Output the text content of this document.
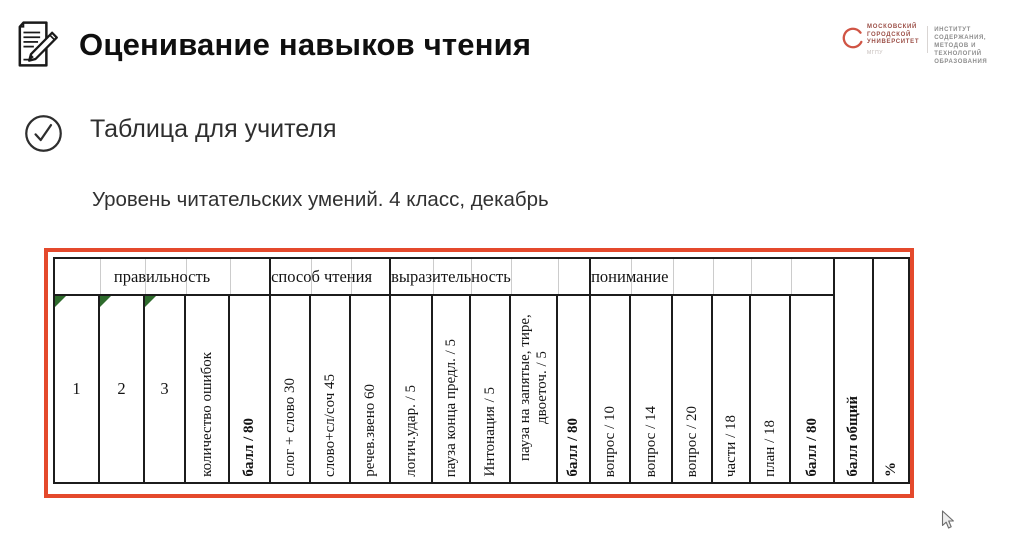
Оценивание навыков чтения	МОСКОВСКИЙ
ГОРОДСКОЙ
УНИВЕРСИТЕТ
МГПУ
ИНСТИТУТ СОДЕРЖАНИЯ,
МЕТОДОВ И ТЕХНОЛОГИЙ
ОБРАЗОВАНИЯ
Таблица для учителя
Уровень читательских умений. 4 класс, декабрь
правильность					способ чтения			выразительность					понимание						балл общий	%
1	2	3	количество ошибок	балл / 80	слог + слово 30	слово+сл/соч 45	речев.звено 60	логич.удар. / 5	пауза конца предл. / 5	Интонация / 5	пауза на запятые, тире, двоеточ. / 5	балл / 80	вопрос / 10	вопрос / 14	вопрос / 20	части / 18	план / 18	балл / 80		
